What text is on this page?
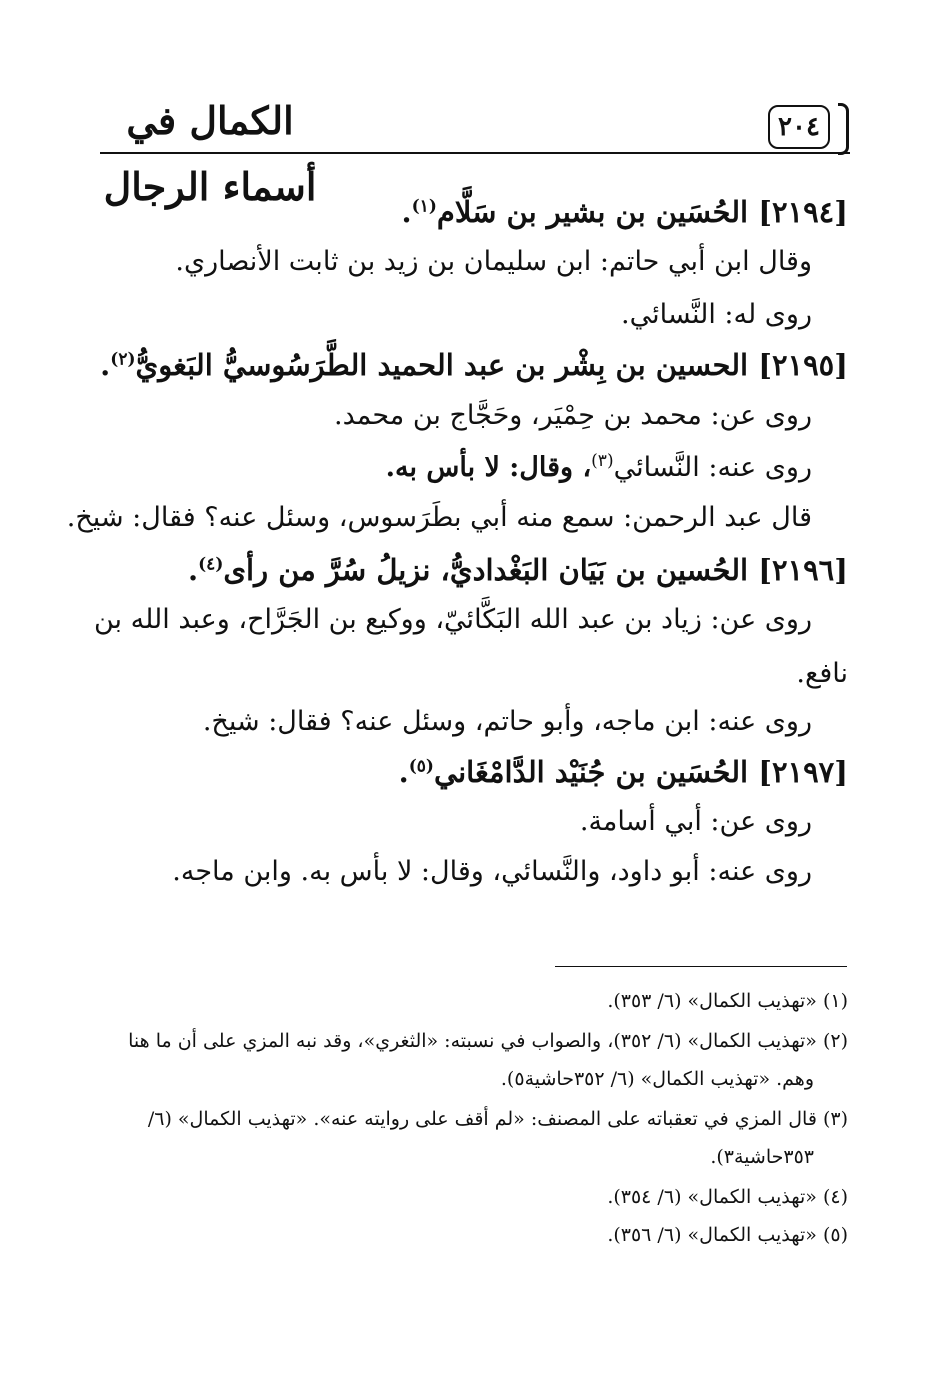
الكمال في أسماء الرجال
٢٠٤
[٢١٩٤] الحُسَين بن بشير بن سَلَّام$^{(١)}$.
وقال ابن أبي حاتم: ابن سليمان بن زيد بن ثابت الأنصاري.
روى له: النَّسائي.
[٢١٩٥] الحسين بن بِشْر بن عبد الحميد الطَّرَسُوسيُّ البَغويُّ$^{(٢)}$.
روى عن: محمد بن حِمْيَر، وحَجَّاج بن محمد.
روى عنه: النَّسائي$^{(٣)}$، وقال: لا بأس به.
قال عبد الرحمن: سمع منه أبي بطَرَسوس، وسئل عنه؟ فقال: شيخ.
[٢١٩٦] الحُسين بن بَيَان البَغْداديُّ، نزيلُ سُرَّ من رأى$^{(٤)}$.
روى عن: زياد بن عبد الله البَكَّائيّ، ووكيع بن الجَرَّاح، وعبد الله بن
نافع.
روى عنه: ابن ماجه، وأبو حاتم، وسئل عنه؟ فقال: شيخ.
[٢١٩٧] الحُسَين بن جُنَيْد الدَّامْغَاني$^{(٥)}$.
روى عن: أبي أسامة.
روى عنه: أبو داود، والنَّسائي، وقال: لا بأس به. وابن ماجه.
(١) «تهذيب الكمال» (٦/ ٣٥٣).
(٢) «تهذيب الكمال» (٦/ ٣٥٢)، والصواب في نسبته: «الثغري»، وقد نبه المزي على أن ما هنا
وهم. «تهذيب الكمال» (٦/ ٣٥٢حاشية٥).
(٣) قال المزي في تعقباته على المصنف: «لم أقف على روايته عنه». «تهذيب الكمال» (٦/
٣٥٣حاشية٣).
(٤) «تهذيب الكمال» (٦/ ٣٥٤).
(٥) «تهذيب الكمال» (٦/ ٣٥٦).
